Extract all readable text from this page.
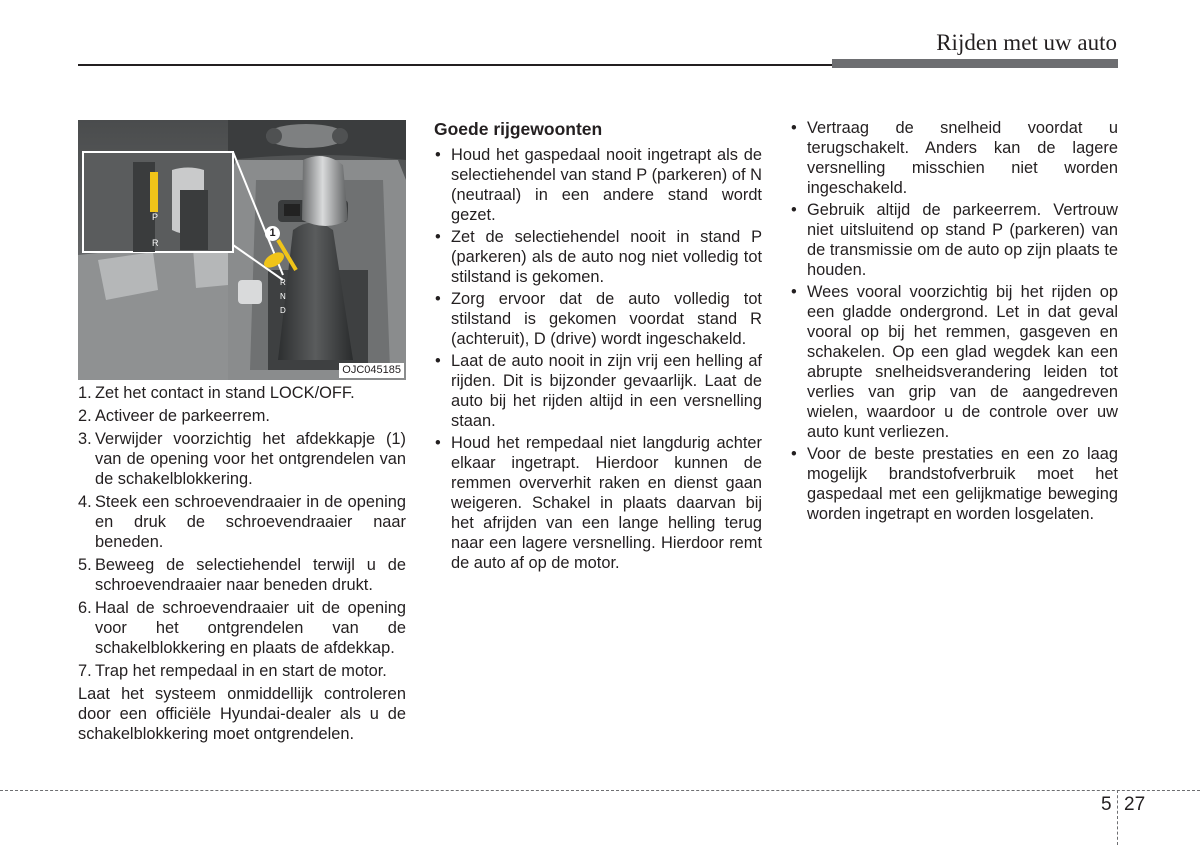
Rijden met uw auto
P
R
R
N
D
1
OJC045185
1. Zet het contact in stand LOCK/OFF.
2. Activeer de parkeerrem.
3. Verwijder voorzichtig het afdekkapje (1) van de opening voor het ontgrendelen van de schakelblokkering.
4. Steek een schroevendraaier in de opening en druk de schroevendraaier naar beneden.
5. Beweeg de selectiehendel terwijl u de schroevendraaier naar beneden drukt.
6. Haal de schroevendraaier uit de opening voor het ontgrendelen van de schakelblokkering en plaats de afdekkap.
7. Trap het rempedaal in en start de motor.
Laat het systeem onmiddellijk controleren door een officiële Hyundai-dealer als u de schakelblokkering moet ontgrendelen.
Goede rijgewoonten
• Houd het gaspedaal nooit ingetrapt als de selectiehendel van stand P (parkeren) of N (neutraal) in een andere stand wordt gezet.
• Zet de selectiehendel nooit in stand P (parkeren) als de auto nog niet volledig tot stilstand is gekomen.
• Zorg ervoor dat de auto volledig tot stilstand is gekomen voordat stand R (achteruit), D (drive) wordt ingeschakeld.
• Laat de auto nooit in zijn vrij een helling af rijden. Dit is bijzonder gevaarlijk. Laat de auto bij het rijden altijd in een versnelling staan.
• Houd het rempedaal niet langdurig achter elkaar ingetrapt. Hierdoor kunnen de remmen oververhit raken en dienst gaan weigeren. Schakel in plaats daarvan bij het afrijden van een lange helling terug naar een lagere versnelling. Hierdoor remt de auto af op de motor.
• Vertraag de snelheid voordat u terugschakelt. Anders kan de lagere versnelling misschien niet worden ingeschakeld.
• Gebruik altijd de parkeerrem. Vertrouw niet uitsluitend op stand P (parkeren) van de transmissie om de auto op zijn plaats te houden.
• Wees vooral voorzichtig bij het rijden op een gladde ondergrond. Let in dat geval vooral op bij het remmen, gasgeven en schakelen. Op een glad wegdek kan een abrupte snelheidsverandering leiden tot verlies van grip van de aangedreven wielen, waardoor u de controle over uw auto kunt verliezen.
• Voor de beste prestaties en een zo laag mogelijk brandstofverbruik moet het gaspedaal met een gelijkmatige beweging worden ingetrapt en worden losgelaten.
5 27
